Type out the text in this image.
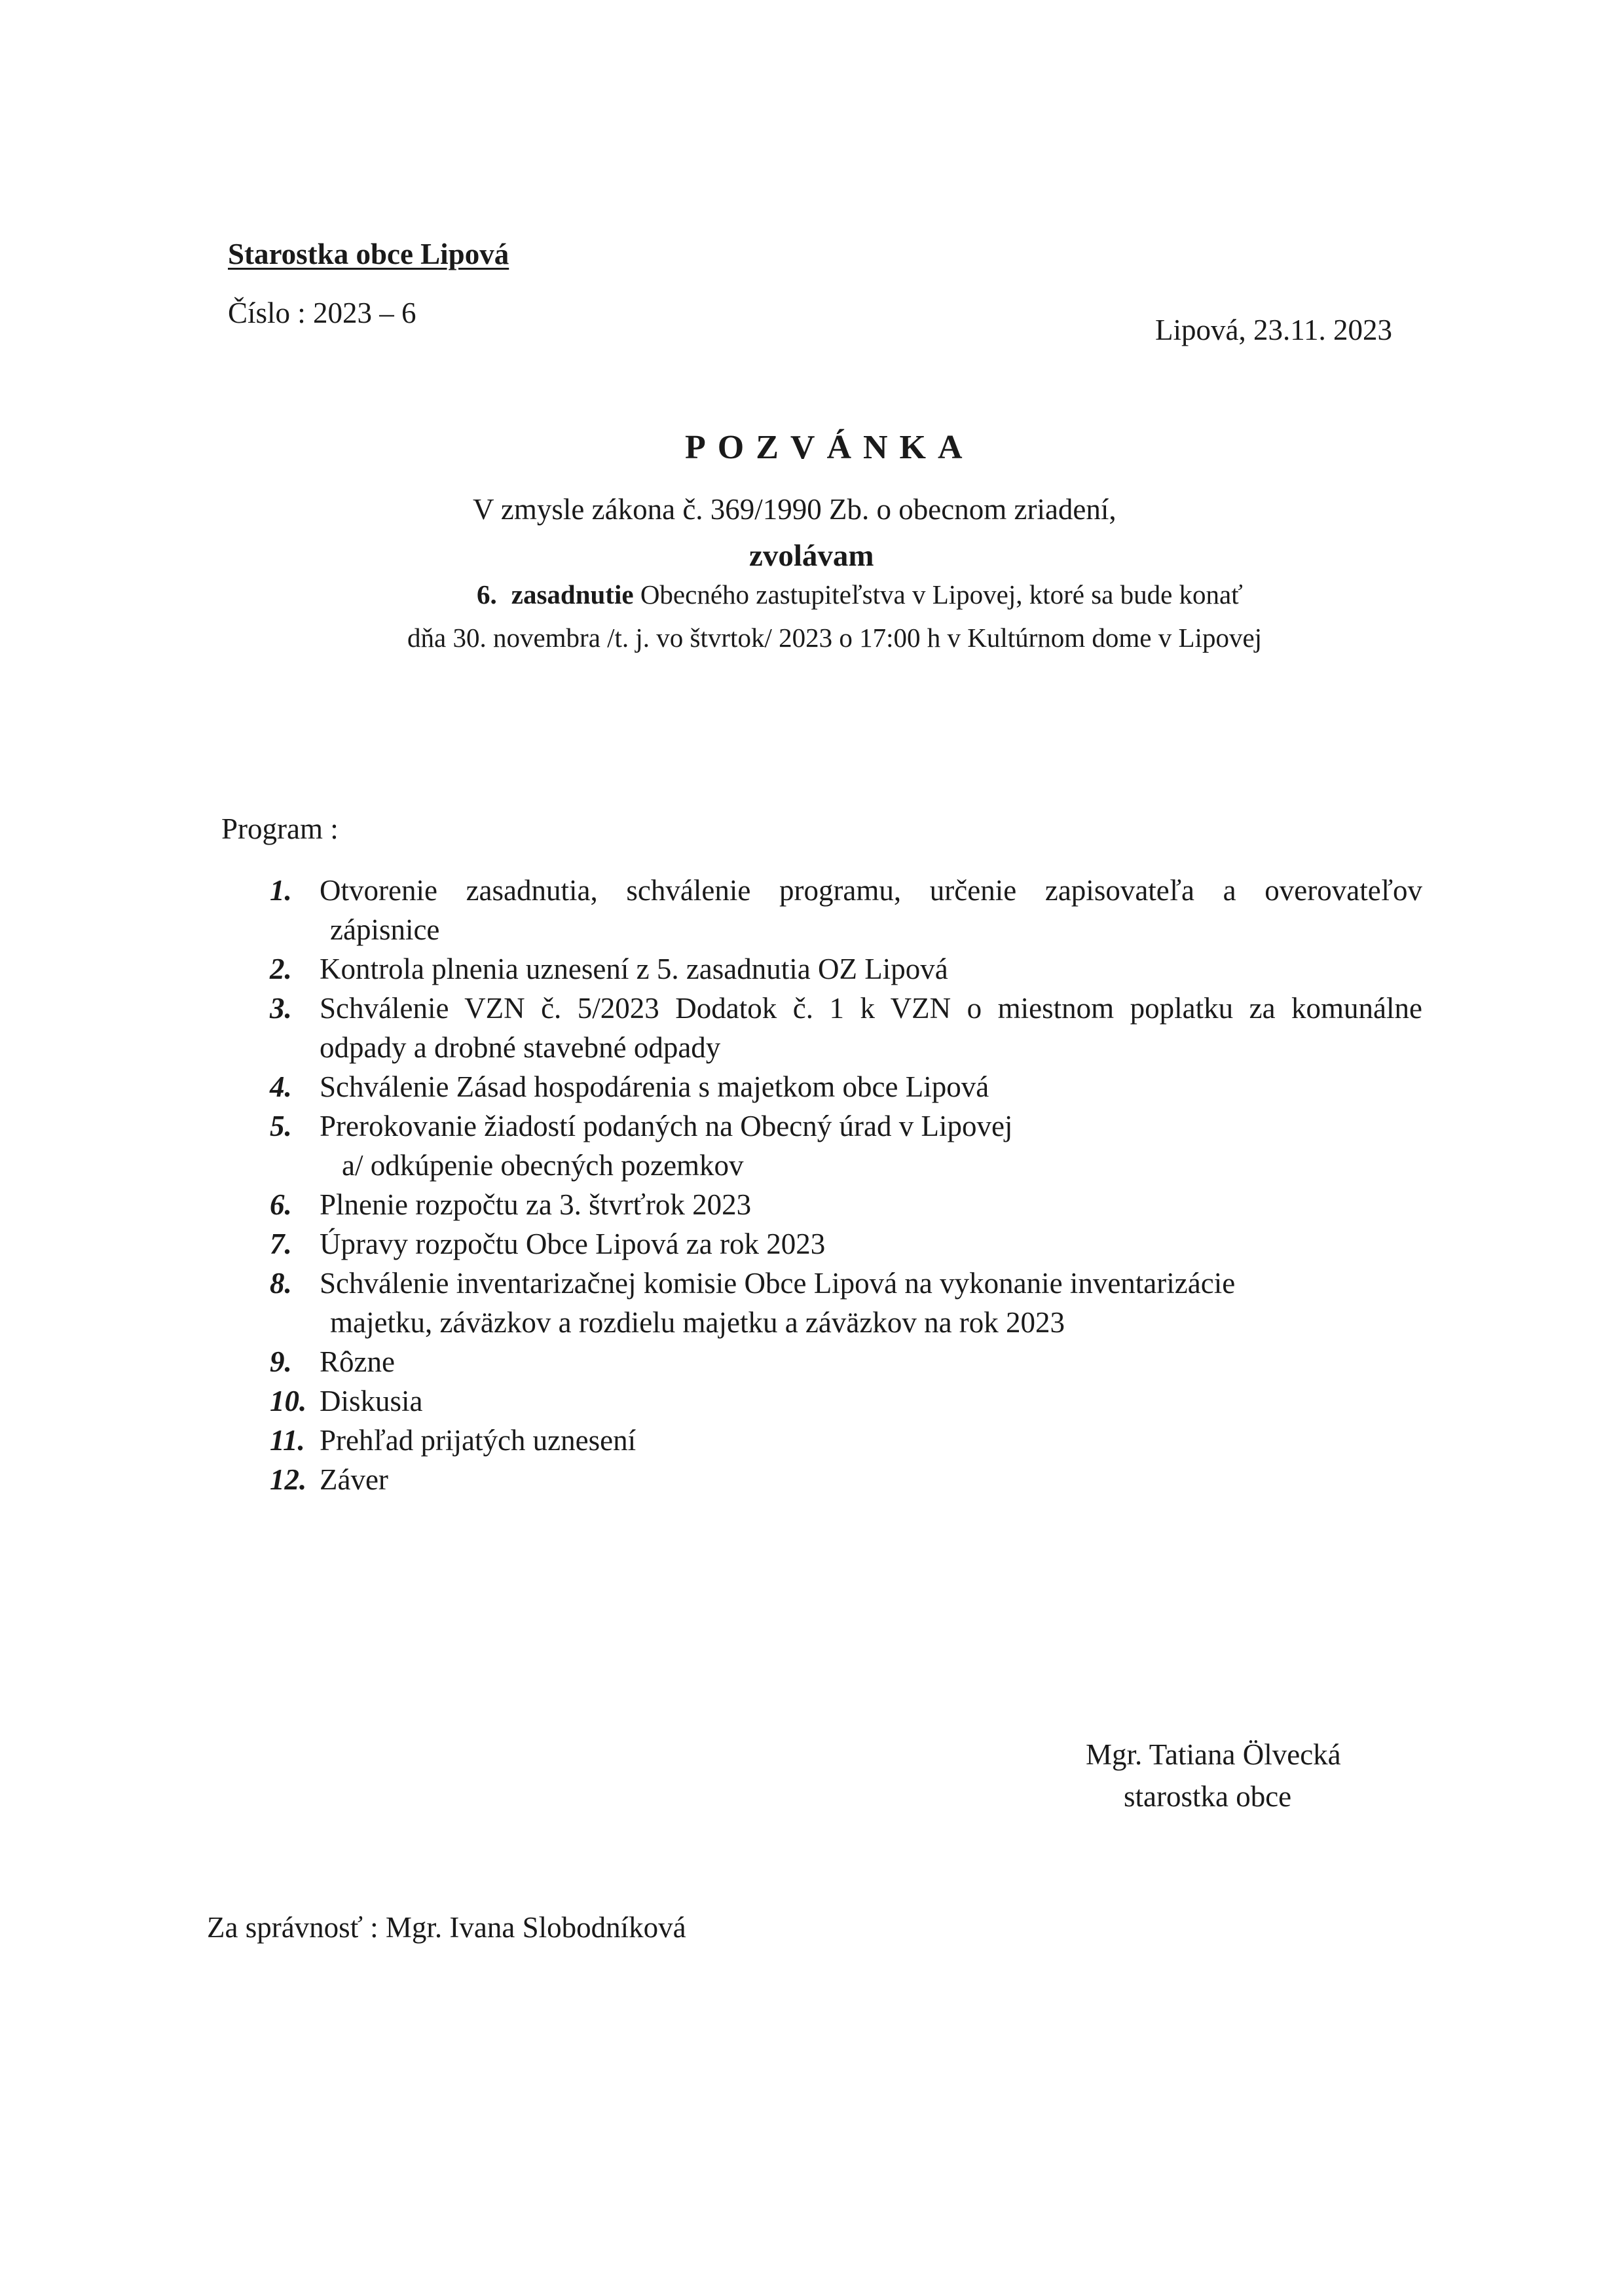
Starostka obce Lipová
Číslo : 2023 – 6
Lipová, 23.11. 2023
POZVÁNKA
V zmysle zákona č. 369/1990 Zb. o obecnom zriadení,
zvolávam
6. zasadnutie Obecného zastupiteľstva v Lipovej, ktoré sa bude konať
dňa 30. novembra /t. j. vo štvrtok/ 2023 o 17:00 h v Kultúrnom dome v Lipovej
Program :
1. Otvorenie zasadnutia, schválenie programu, určenie zapisovateľa a overovateľov
zápisnice
2. Kontrola plnenia uznesení z 5. zasadnutia OZ Lipová
3. Schválenie VZN č. 5/2023 Dodatok č. 1 k VZN o miestnom poplatku za komunálne
odpady a drobné stavebné odpady
4. Schválenie Zásad hospodárenia s majetkom obce Lipová
5. Prerokovanie žiadostí podaných na Obecný úrad v Lipovej
a/ odkúpenie obecných pozemkov
6. Plnenie rozpočtu za 3. štvrťrok 2023
7. Úpravy rozpočtu Obce Lipová za rok 2023
8. Schválenie inventarizačnej komisie Obce Lipová na vykonanie inventarizácie
majetku, záväzkov a rozdielu majetku a záväzkov na rok 2023
9. Rôzne
10. Diskusia
11. Prehľad prijatých uznesení
12. Záver
Mgr. Tatiana Ölvecká
starostka obce
Za správnosť : Mgr. Ivana Slobodníková
